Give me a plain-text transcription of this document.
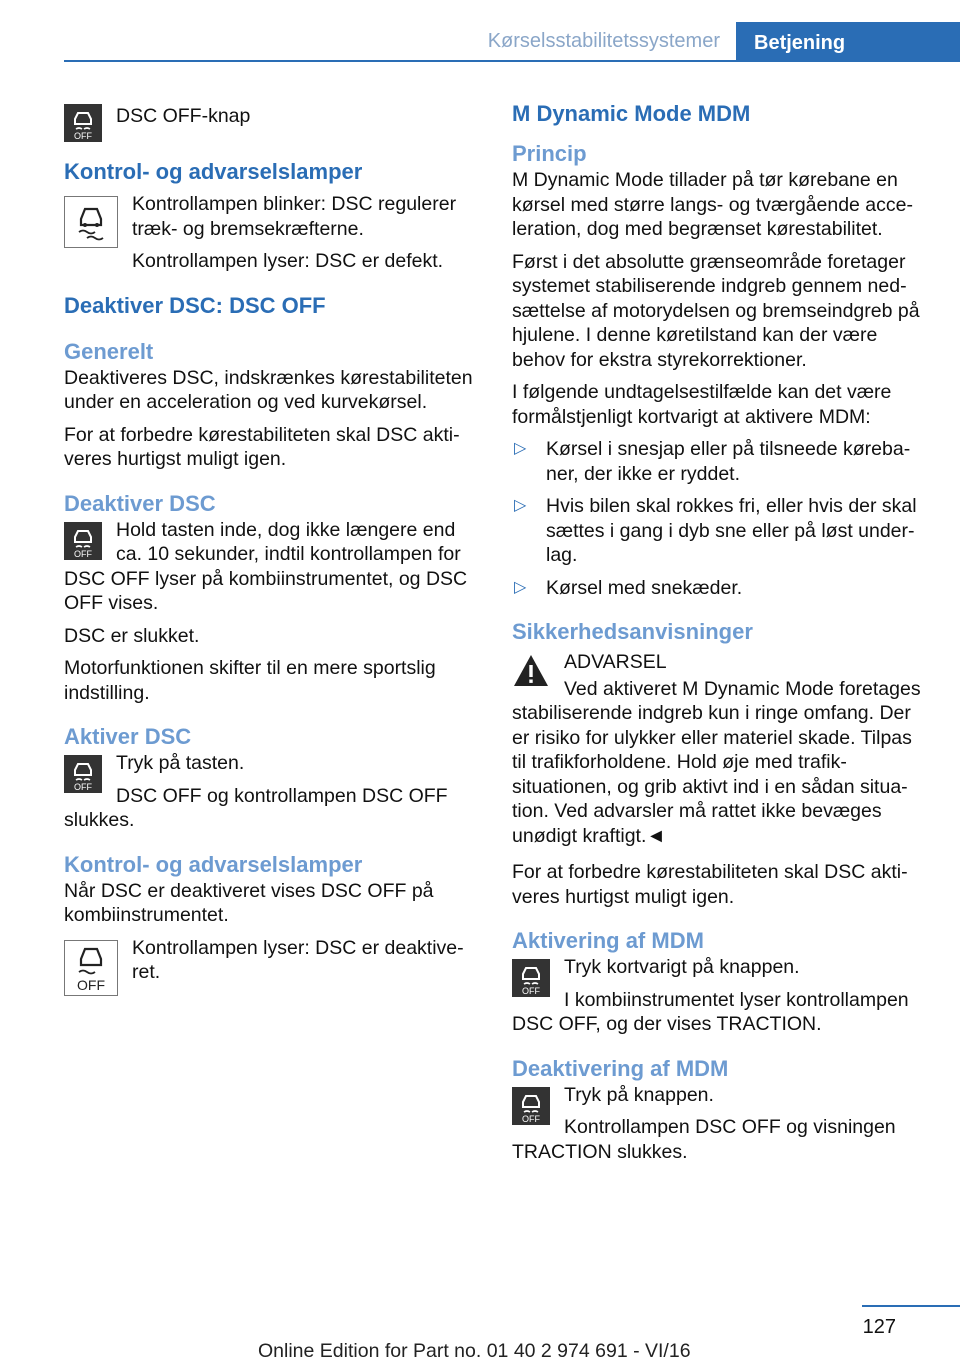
Kørselsstabilitetssystemer	Betjening
OFF

DSC OFF-knap

Kontrol- og advarselslamper

Kontrollampen blinker: DSC regulerer træk- og bremsekræfterne.

Kontrollampen lyser: DSC er defekt.

Deaktiver DSC: DSC OFF
Generelt

Deaktiveres DSC, indskrænkes kørestabiliteten under en acceleration og ved kurvekørsel.

For at forbedre kørestabiliteten skal DSC aktiveres hurtigst muligt igen.

Deaktiver DSC
OFF

Hold tasten inde, dog ikke længere end ca. 10 sekunder, indtil kontrollampen for DSC OFF lyser på kombiinstrumentet, og DSC OFF vises.

DSC er slukket.

Motorfunktionen skifter til en mere sportslig indstilling.

Aktiver DSC
OFF

Tryk på tasten.

DSC OFF og kontrollampen DSC OFF slukkes.

Kontrol- og advarselslamper

Når DSC er deaktiveret vises DSC OFF på kombiinstrumentet.

OFF

Kontrollampen lyser: DSC er deaktiveret.

M Dynamic Mode MDM
Princip

M Dynamic Mode tillader på tør kørebane en kørsel med større langs- og tværgående acceleration, dog med begrænset kørestabilitet.

Først i det absolutte grænseområde foretager systemet stabiliserende indgreb gennem nedsættelse af motorydelsen og bremseindgreb på hjulene. I denne køretilstand kan der være behov for ekstra styrekorrektioner.

I følgende undtagelsestilfælde kan det være formålstjenligt kortvarigt at aktivere MDM:

▷ Kørsel i snesjap eller på tilsneede kørebaner, der ikke er ryddet.
▷ Hvis bilen skal rokkes fri, eller hvis der skal sættes i gang i dyb sne eller på løst underlag.
▷ Kørsel med snekæder.
Sikkerhedsanvisninger

ADVARSEL

Ved aktiveret M Dynamic Mode foretages stabiliserende indgreb kun i ringe omfang. Der er risiko for ulykker eller materiel skade. Tilpas til trafikforholdene. Hold øje med trafiksituationen, og grib aktivt ind i en sådan situation. Ved advarsler må rattet ikke bevæges unødigt kraftigt.◄

For at forbedre kørestabiliteten skal DSC aktiveres hurtigst muligt igen.

Aktivering af MDM
OFF

Tryk kortvarigt på knappen.

I kombiinstrumentet lyser kontrollampen DSC OFF, og der vises TRACTION.

Deaktivering af MDM
OFF

Tryk på knappen.

Kontrollampen DSC OFF og visningen TRACTION slukkes.

127
Online Edition for Part no. 01 40 2 974 691 - VI/16
